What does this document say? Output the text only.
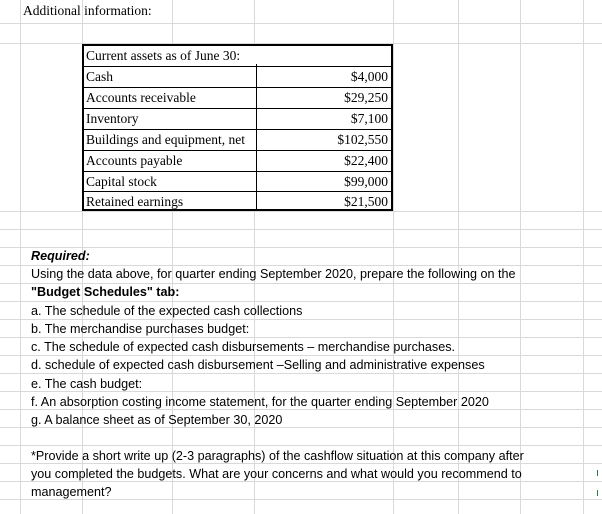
Additional information:
Current assets as of June 30:
Cash	$4,000
Accounts receivable	$29,250
Inventory	$7,100
Buildings and equipment, net	$102,550
Accounts payable	$22,400
Capital stock	$99,000
Retained earnings	$21,500
Required:
Using the data above, for quarter ending September 2020, prepare the following on the
"Budget Schedules" tab:
a. The schedule of the expected cash collections
b. The merchandise purchases budget:
c. The schedule of expected cash disbursements – merchandise purchases.
d. schedule of expected cash disbursement –Selling and administrative expenses
e. The cash budget:
f. An absorption costing income statement, for the quarter ending September 2020
g. A balance sheet as of September 30, 2020
*Provide a short write up (2-3 paragraphs) of the cashflow situation at this company after
you completed the budgets. What are your concerns and what would you recommend to
management?
